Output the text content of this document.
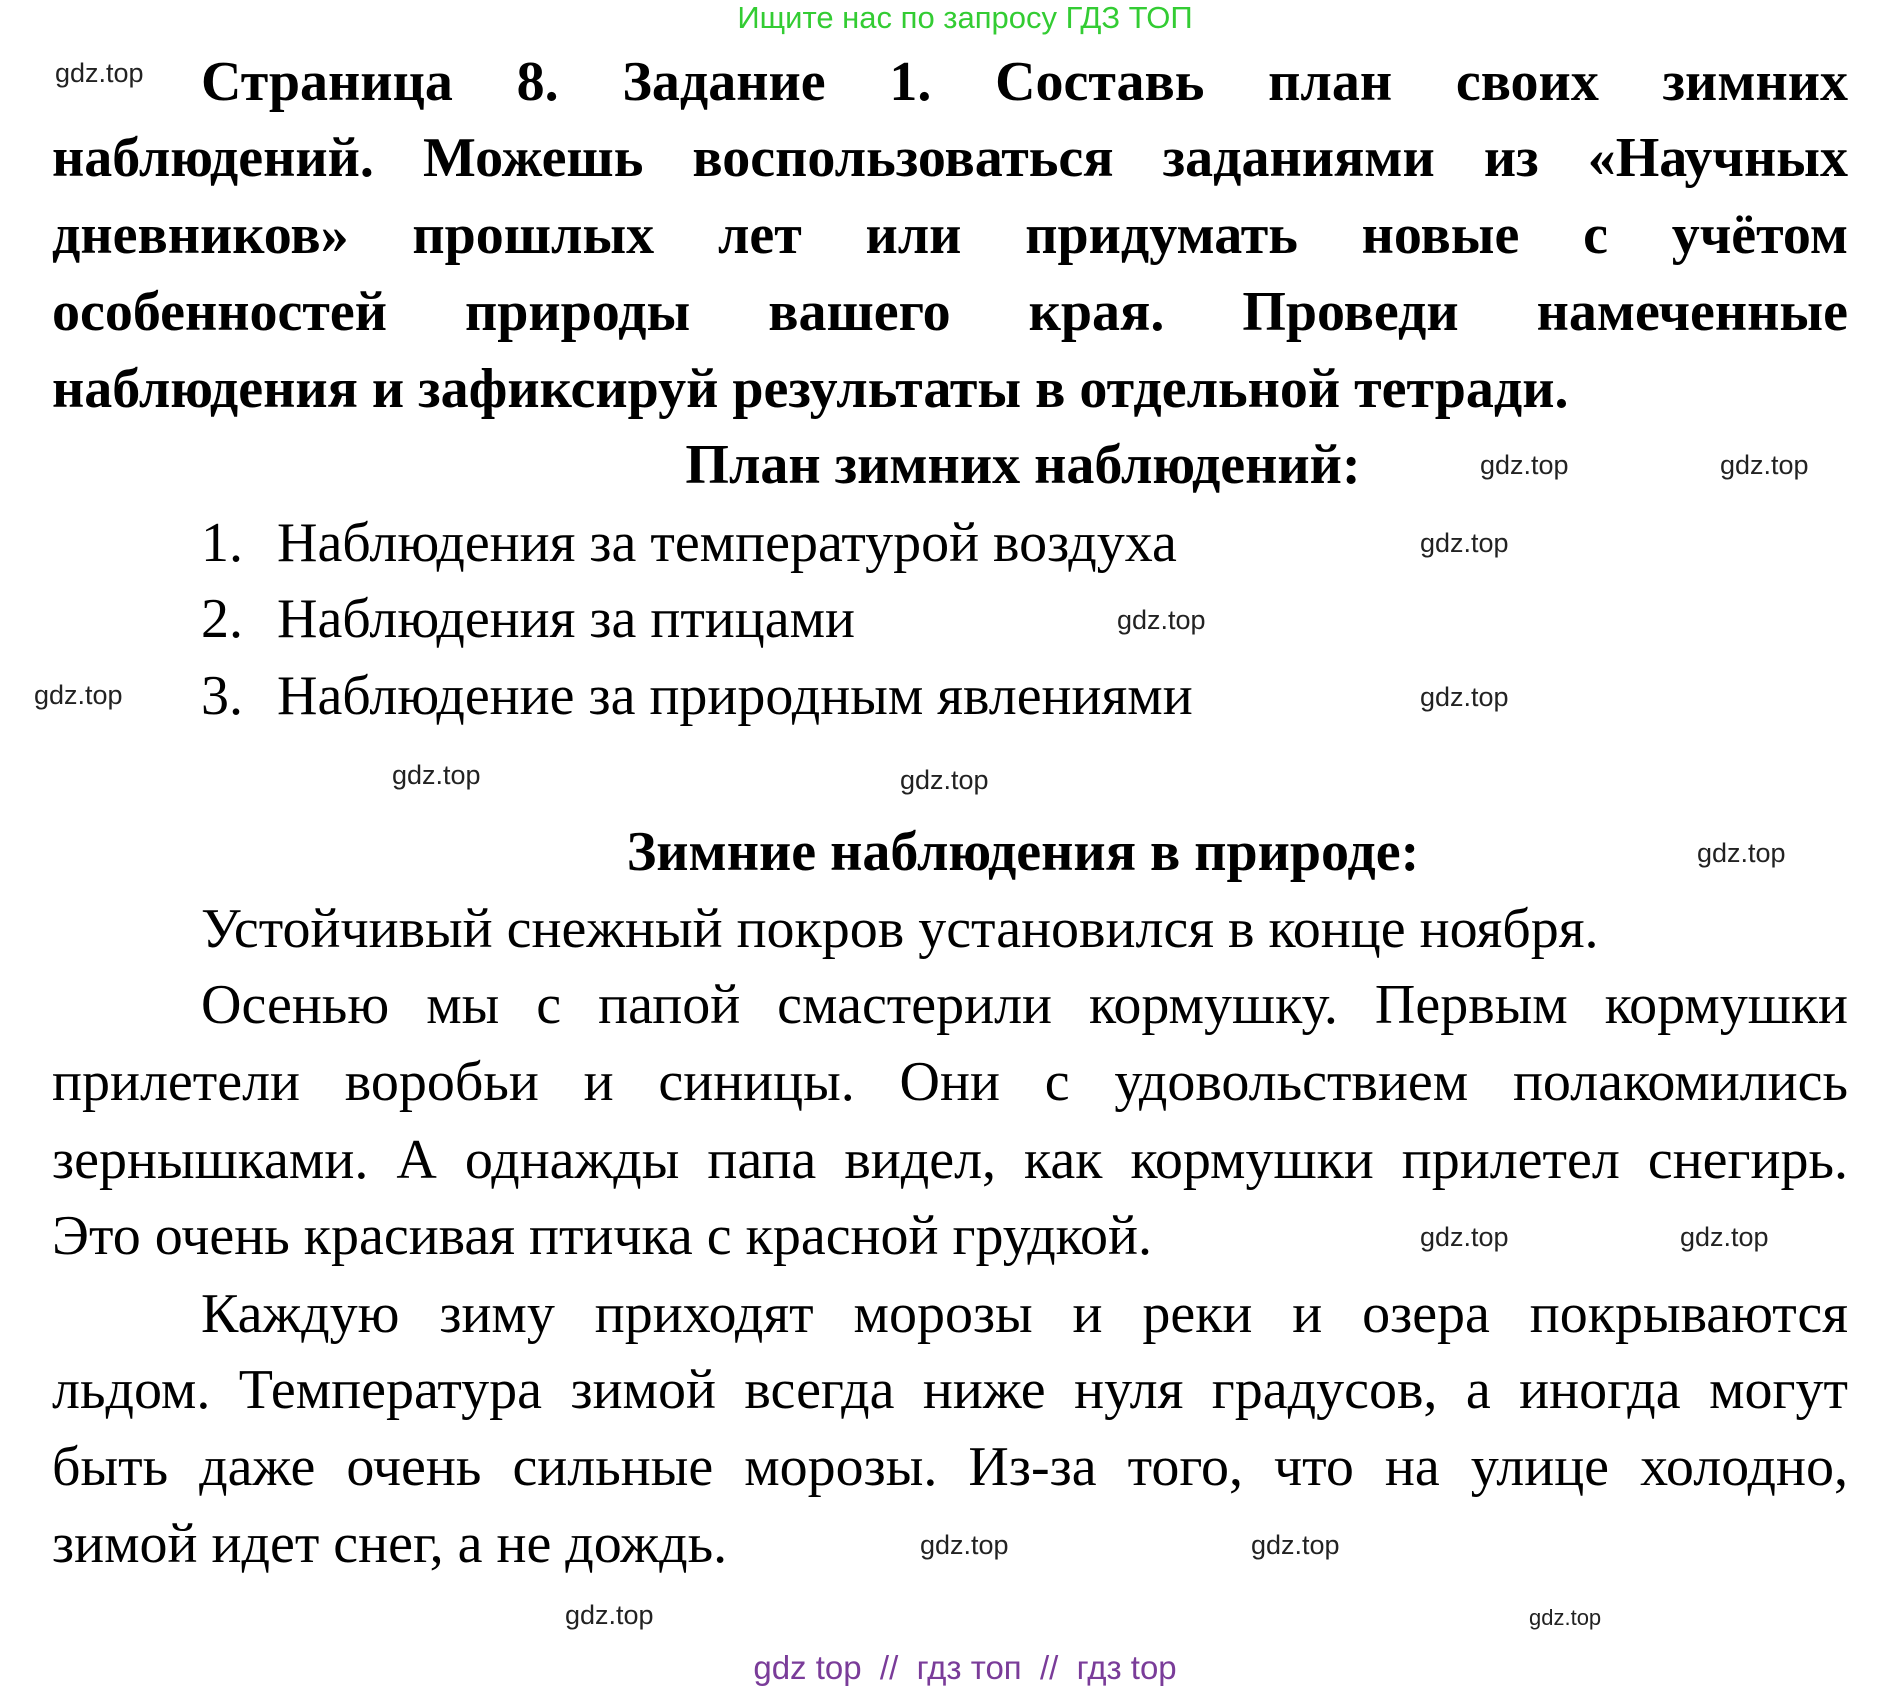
Ищите нас по запросу ГДЗ ТОП
Страница 8. Задание 1. Составь план своих зимних
наблюдений. Можешь воспользоваться заданиями из «Научных
дневников» прошлых лет или придумать новые с учётом
особенностей природы вашего края. Проведи намеченные
наблюдения и зафиксируй результаты в отдельной тетради.
План зимних наблюдений:
1. Наблюдения за температурой воздуха
2. Наблюдения за птицами
3. Наблюдение за природным явлениями
Зимние наблюдения в природе:
Устойчивый снежный покров установился в конце ноября.
Осенью мы с папой смастерили кормушку. Первым кормушки
прилетели воробьи и синицы. Они с удовольствием полакомились
зернышками. А однажды папа видел, как кормушки прилетел снегирь.
Это очень красивая птичка с красной грудкой.
Каждую зиму приходят морозы и реки и озера покрываются
льдом. Температура зимой всегда ниже нуля градусов, а иногда могут
быть даже очень сильные морозы. Из-за того, что на улице холодно,
зимой идет снег, а не дождь.
gdz.top
gdz.top	gdz.top
gdz.top
gdz.top
gdz.top	gdz.top
gdz.top	gdz.top
gdz.top
gdz.top	gdz.top
gdz.top	gdz.top
gdz.top	gdz.top
gdz top  //  гдз топ  //  гдз top
